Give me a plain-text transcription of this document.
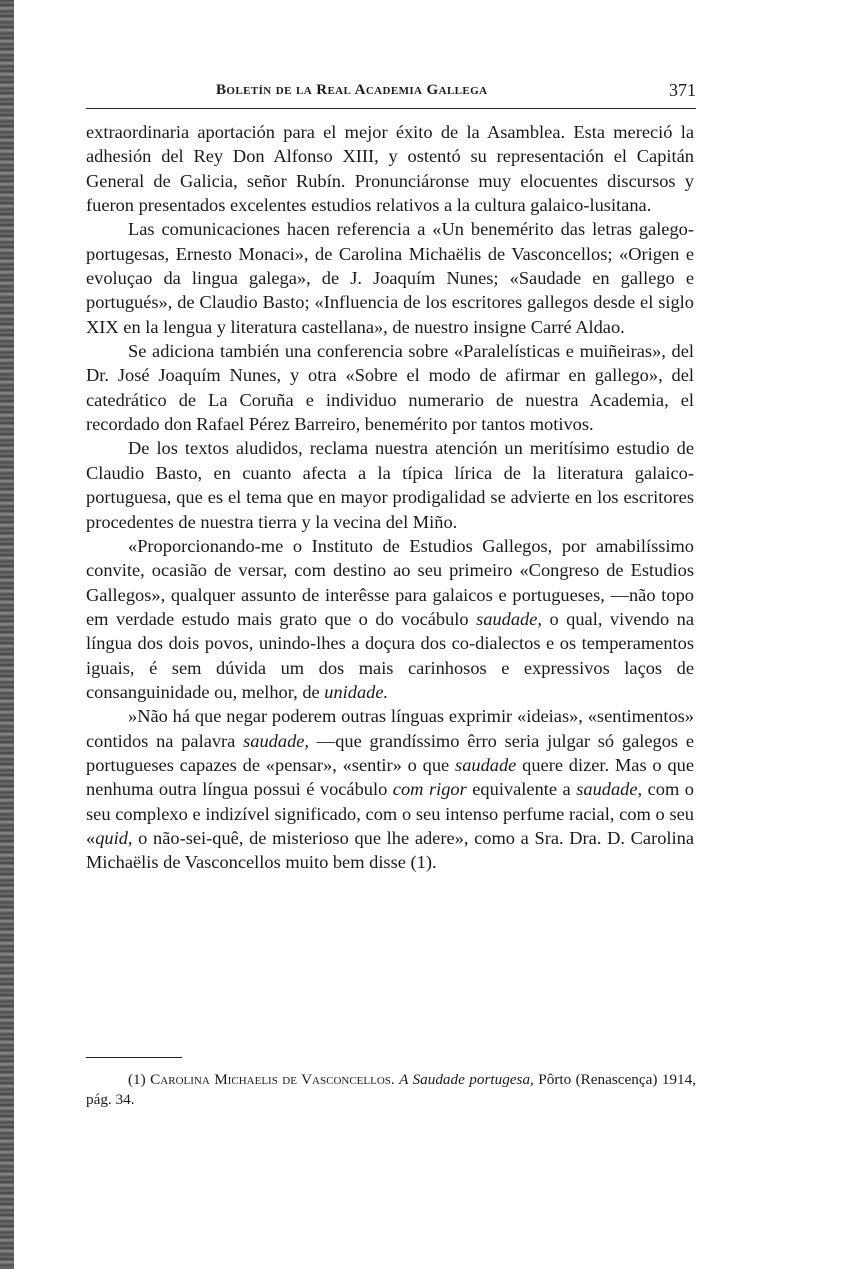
Boletín de la Real Academia Gallega	371

extraordinaria aportación para el mejor éxito de la Asamblea. Esta mereció la adhesión del Rey Don Alfonso XIII, y ostentó su representación el Capitán General de Galicia, señor Rubín. Pronunciáronse muy elocuentes discursos y fueron presentados excelentes estudios relativos a la cultura galaico-lusitana.

Las comunicaciones hacen referencia a «Un benemérito das letras galego-portugesas, Ernesto Monaci», de Carolina Michaëlis de Vasconcellos; «Origen e evoluçao da lingua galega», de J. Joaquím Nunes; «Saudade en gallego e portugués», de Claudio Basto; «Influencia de los escritores gallegos desde el siglo XIX en la lengua y literatura castellana», de nuestro insigne Carré Aldao.

Se adiciona también una conferencia sobre «Paralelísticas e muiñeiras», del Dr. José Joaquím Nunes, y otra «Sobre el modo de afirmar en gallego», del catedrático de La Coruña e individuo numerario de nuestra Academia, el recordado don Rafael Pérez Barreiro, benemérito por tantos motivos.

De los textos aludidos, reclama nuestra atención un meritísimo estudio de Claudio Basto, en cuanto afecta a la típica lírica de la literatura galaico-portuguesa, que es el tema que en mayor prodigalidad se advierte en los escritores procedentes de nuestra tierra y la vecina del Miño.

«Proporcionando-me o Instituto de Estudios Gallegos, por amabilíssimo convite, ocasião de versar, com destino ao seu primeiro «Congreso de Estudios Gallegos», qualquer assunto de interêsse para galaicos e portugueses, —não topo em verdade estudo mais grato que o do vocábulo saudade, o qual, vivendo na língua dos dois povos, unindo-lhes a doçura dos co-dialectos e os temperamentos iguais, é sem dúvida um dos mais carinhosos e expressivos laços de consanguinidade ou, melhor, de unidade.

»Não há que negar poderem outras línguas exprimir «ideias», «sentimentos» contidos na palavra saudade, —que grandíssimo êrro seria julgar só galegos e portugueses capazes de «pensar», «sentir» o que saudade quere dizer. Mas o que nenhuma outra língua possui é vocábulo com rigor equivalente a saudade, com o seu complexo e indizível significado, com o seu intenso perfume racial, com o seu «quid, o não-sei-quê, de misterioso que lhe adere», como a Sra. Dra. D. Carolina Michaëlis de Vasconcellos muito bem disse (1).

(1) Carolina Michaelis de Vasconcellos. A Saudade portugesa, Pôrto (Renascença) 1914, pág. 34.
